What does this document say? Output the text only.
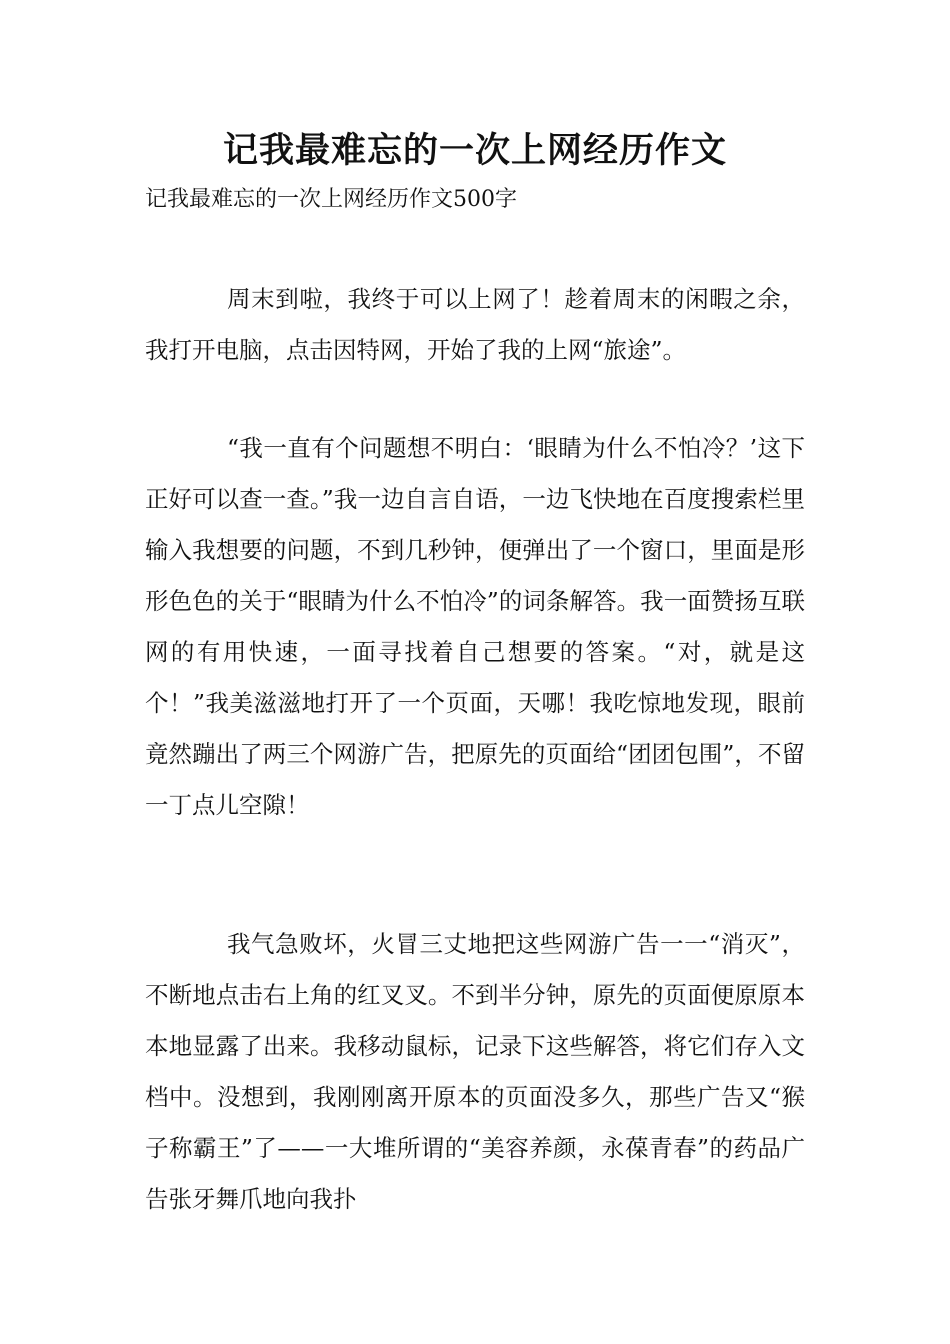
记我最难忘的一次上网经历作文

记我最难忘的一次上网经历作文500字

周末到啦，我终于可以上网了！趁着周末的闲暇之余，我打开电脑，点击因特网，开始了我的上网“旅途”。

“我一直有个问题想不明白：‘眼睛为什么不怕冷？’这下正好可以查一查。”我一边自言自语，一边飞快地在百度搜索栏里输入我想要的问题，不到几秒钟，便弹出了一个窗口，里面是形形色色的关于“眼睛为什么不怕冷”的词条解答。我一面赞扬互联网的有用快速，一面寻找着自己想要的答案。“对，就是这个！”我美滋滋地打开了一个页面，天哪！我吃惊地发现，眼前竟然蹦出了两三个网游广告，把原先的页面给“团团包围”，不留一丁点儿空隙！

我气急败坏，火冒三丈地把这些网游广告一一“消灭”，不断地点击右上角的红叉叉。不到半分钟，原先的页面便原原本本地显露了出来。我移动鼠标，记录下这些解答，将它们存入文档中。没想到，我刚刚离开原本的页面没多久，那些广告又“猴子称霸王”了——一大堆所谓的“美容养颜，永葆青春”的药品广告张牙舞爪地向我扑
